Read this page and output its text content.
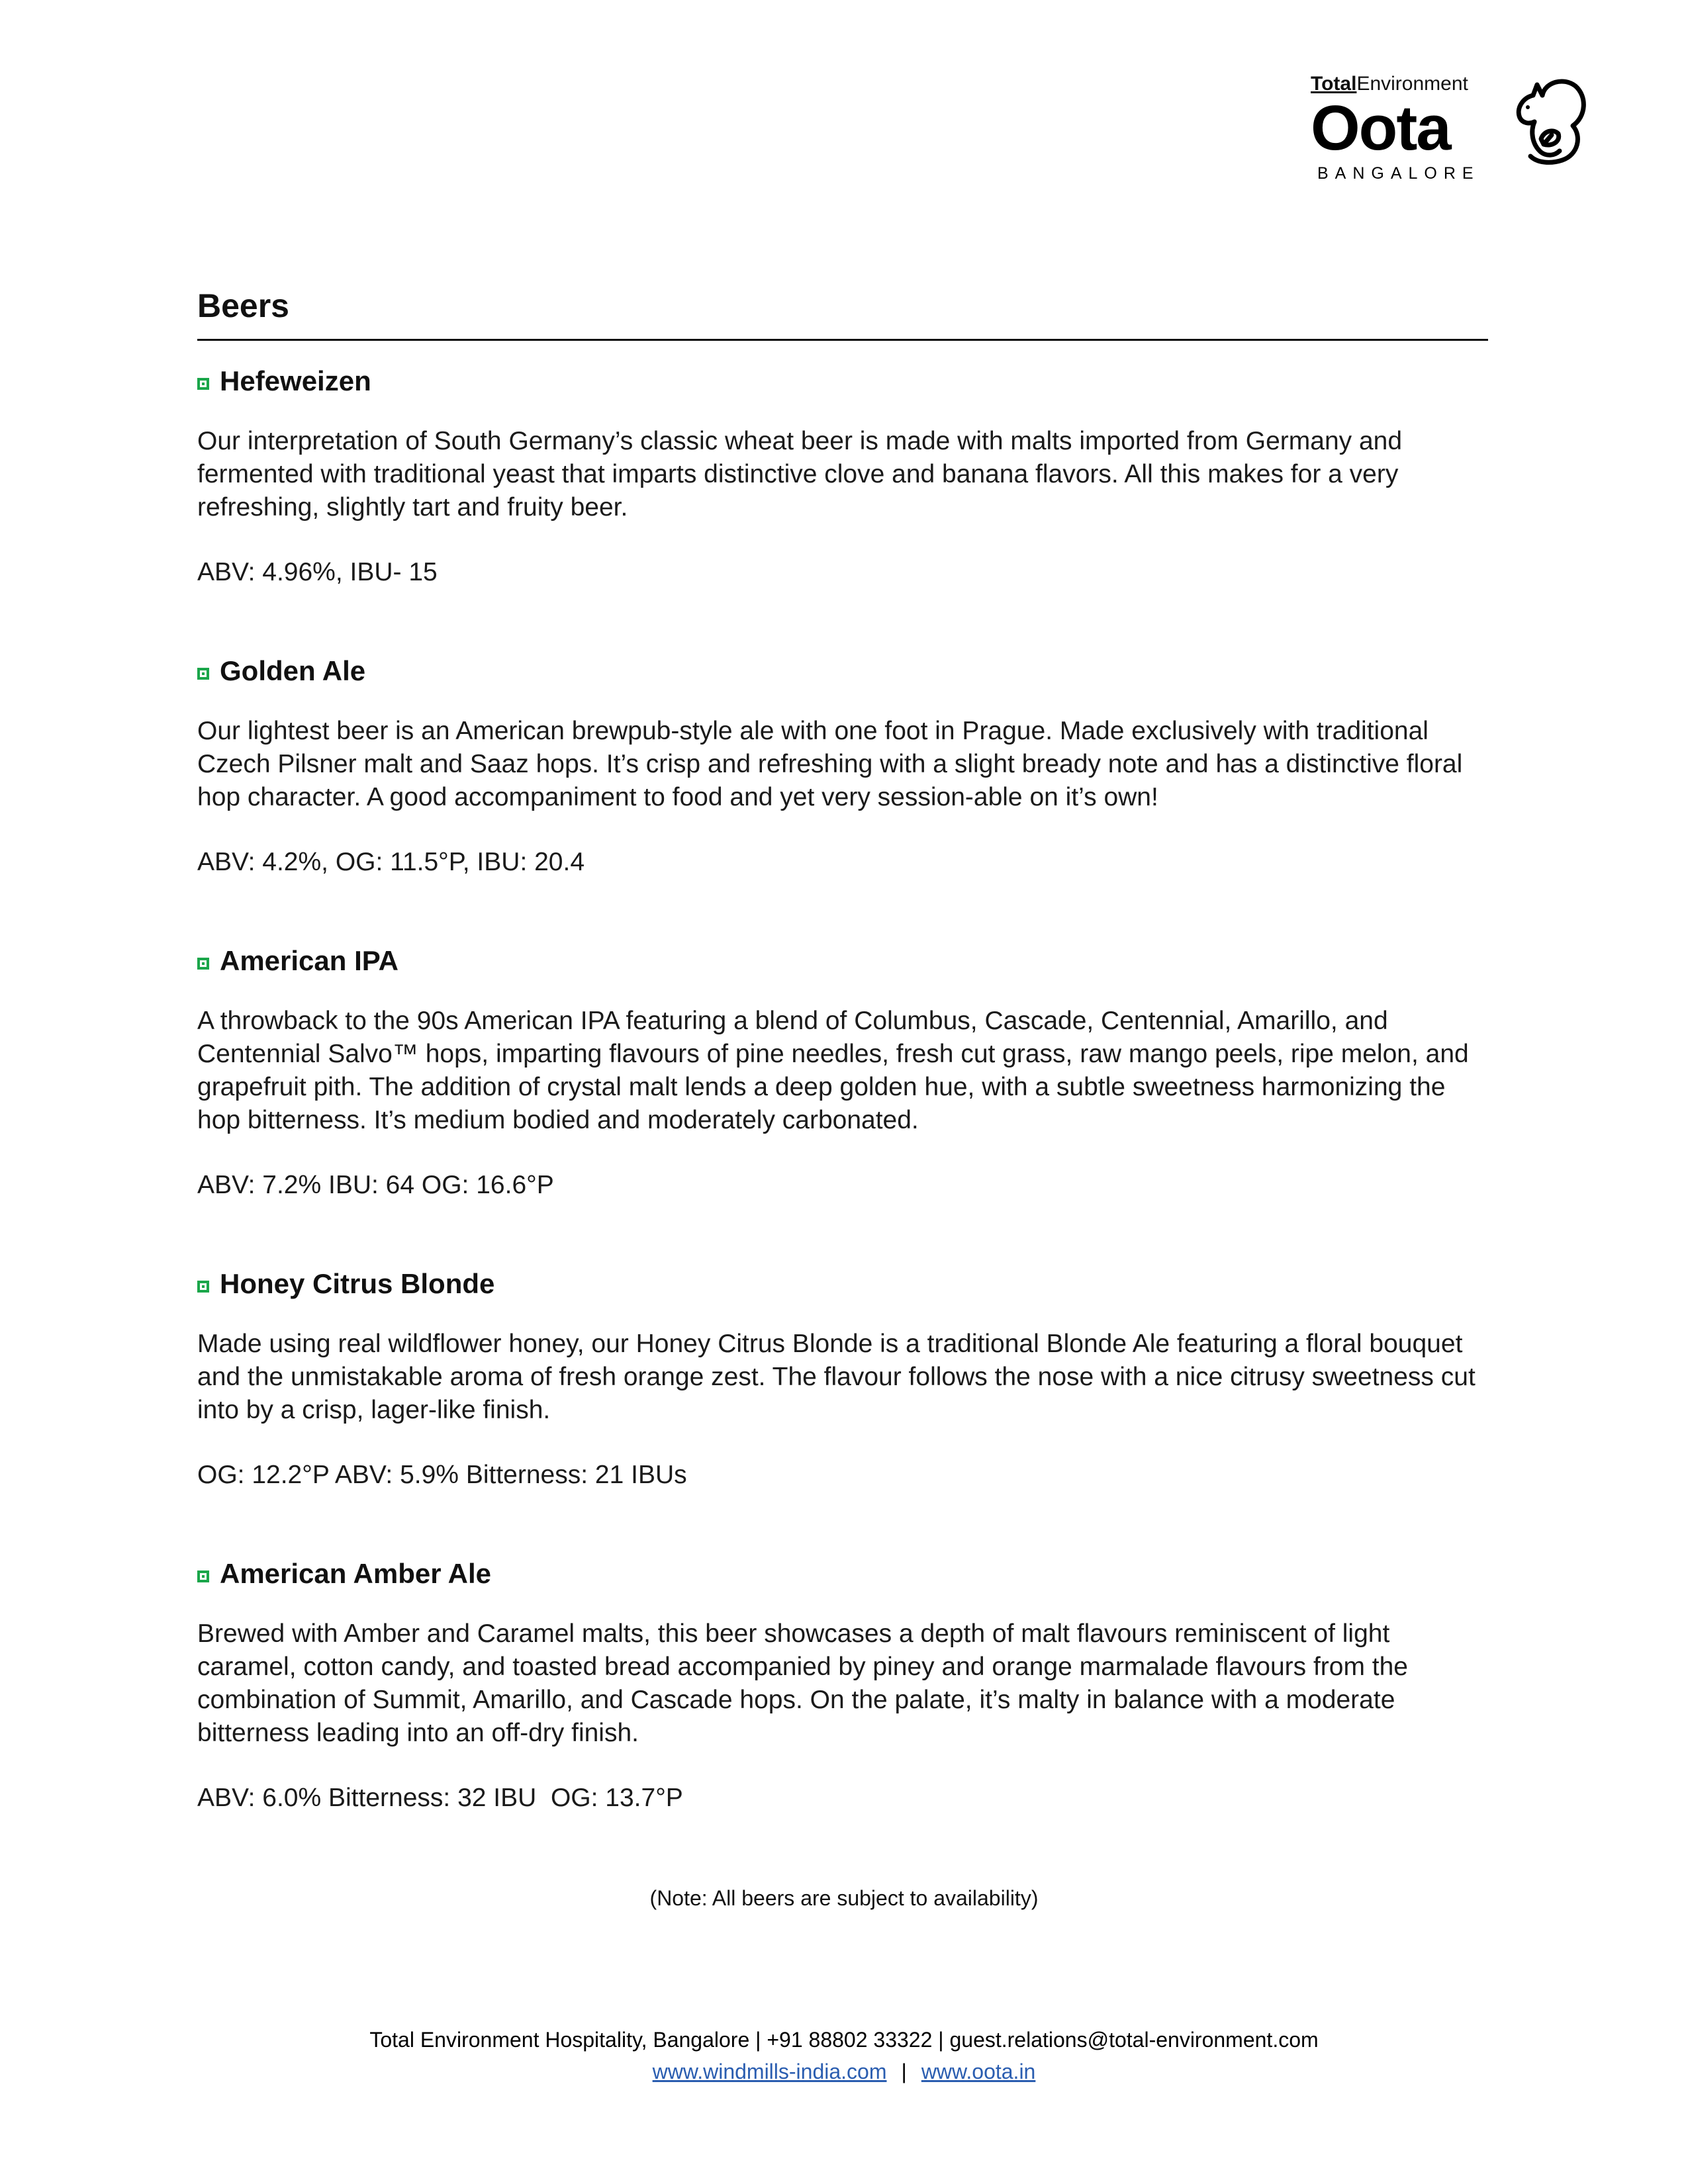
TotalEnvironment
Oota
BANGALORE
Beers
Hefeweizen

Our interpretation of South Germany’s classic wheat beer is made with malts imported from Germany and fermented with traditional yeast that imparts distinctive clove and banana flavors. All this makes for a very refreshing, slightly tart and fruity beer.

ABV: 4.96%, IBU- 15

Golden Ale

Our lightest beer is an American brewpub-style ale with one foot in Prague. Made exclusively with traditional Czech Pilsner malt and Saaz hops. It’s crisp and refreshing with a slight bready note and has a distinctive floral hop character. A good accompaniment to food and yet very session-able on it’s own!

ABV: 4.2%, OG: 11.5°P, IBU: 20.4

American IPA

A throwback to the 90s American IPA featuring a blend of Columbus, Cascade, Centennial, Amarillo, and Centennial Salvo™ hops, imparting flavours of pine needles, fresh cut grass, raw mango peels, ripe melon, and grapefruit pith. The addition of crystal malt lends a deep golden hue, with a subtle sweetness harmonizing the hop bitterness. It’s medium bodied and moderately carbonated.

ABV: 7.2% IBU: 64 OG: 16.6°P

Honey Citrus Blonde

Made using real wildflower honey, our Honey Citrus Blonde is a traditional Blonde Ale featuring a floral bouquet and the unmistakable aroma of fresh orange zest. The flavour follows the nose with a nice citrusy sweetness cut into by a crisp, lager-like finish.

OG: 12.2°P ABV: 5.9% Bitterness: 21 IBUs

American Amber Ale

Brewed with Amber and Caramel malts, this beer showcases a depth of malt flavours reminiscent of light caramel, cotton candy, and toasted bread accompanied by piney and orange marmalade flavours from the combination of Summit, Amarillo, and Cascade hops. On the palate, it’s malty in balance with a moderate bitterness leading into an off-dry finish.

ABV: 6.0% Bitterness: 32 IBU  OG: 13.7°P

(Note: All beers are subject to availability)
Total Environment Hospitality, Bangalore | +91 88802 33322 | guest.relations@total-environment.com
www.windmills-india.com | www.oota.in
